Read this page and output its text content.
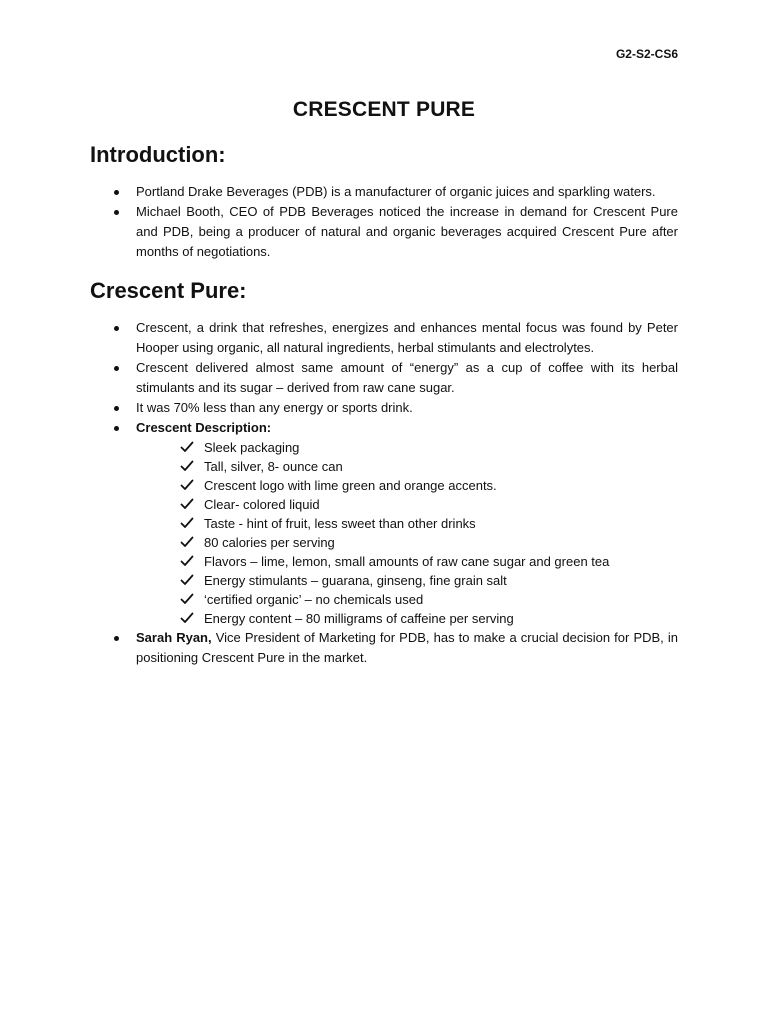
G2-S2-CS6
CRESCENT PURE
Introduction:
Portland Drake Beverages (PDB) is a manufacturer of organic juices and sparkling waters.
Michael Booth, CEO of PDB Beverages noticed the increase in demand for Crescent Pure and PDB, being a producer of natural and organic beverages acquired Crescent Pure after months of negotiations.
Crescent Pure:
Crescent, a drink that refreshes, energizes and enhances mental focus was found by Peter Hooper using organic, all natural ingredients, herbal stimulants and electrolytes.
Crescent delivered almost same amount of “energy” as a cup of coffee with its herbal stimulants and its sugar – derived from raw cane sugar.
It was 70% less than any energy or sports drink.
Crescent Description:
Sleek packaging
Tall, silver, 8- ounce can
Crescent logo with lime green and orange accents.
Clear- colored liquid
Taste - hint of fruit, less sweet than other drinks
80 calories per serving
Flavors – lime, lemon, small amounts of raw cane sugar and green tea
Energy stimulants – guarana, ginseng, fine grain salt
‘certified organic’ – no chemicals used
Energy content – 80 milligrams of caffeine per serving
Sarah Ryan, Vice President of Marketing for PDB, has to make a crucial decision for PDB, in positioning Crescent Pure in the market.
